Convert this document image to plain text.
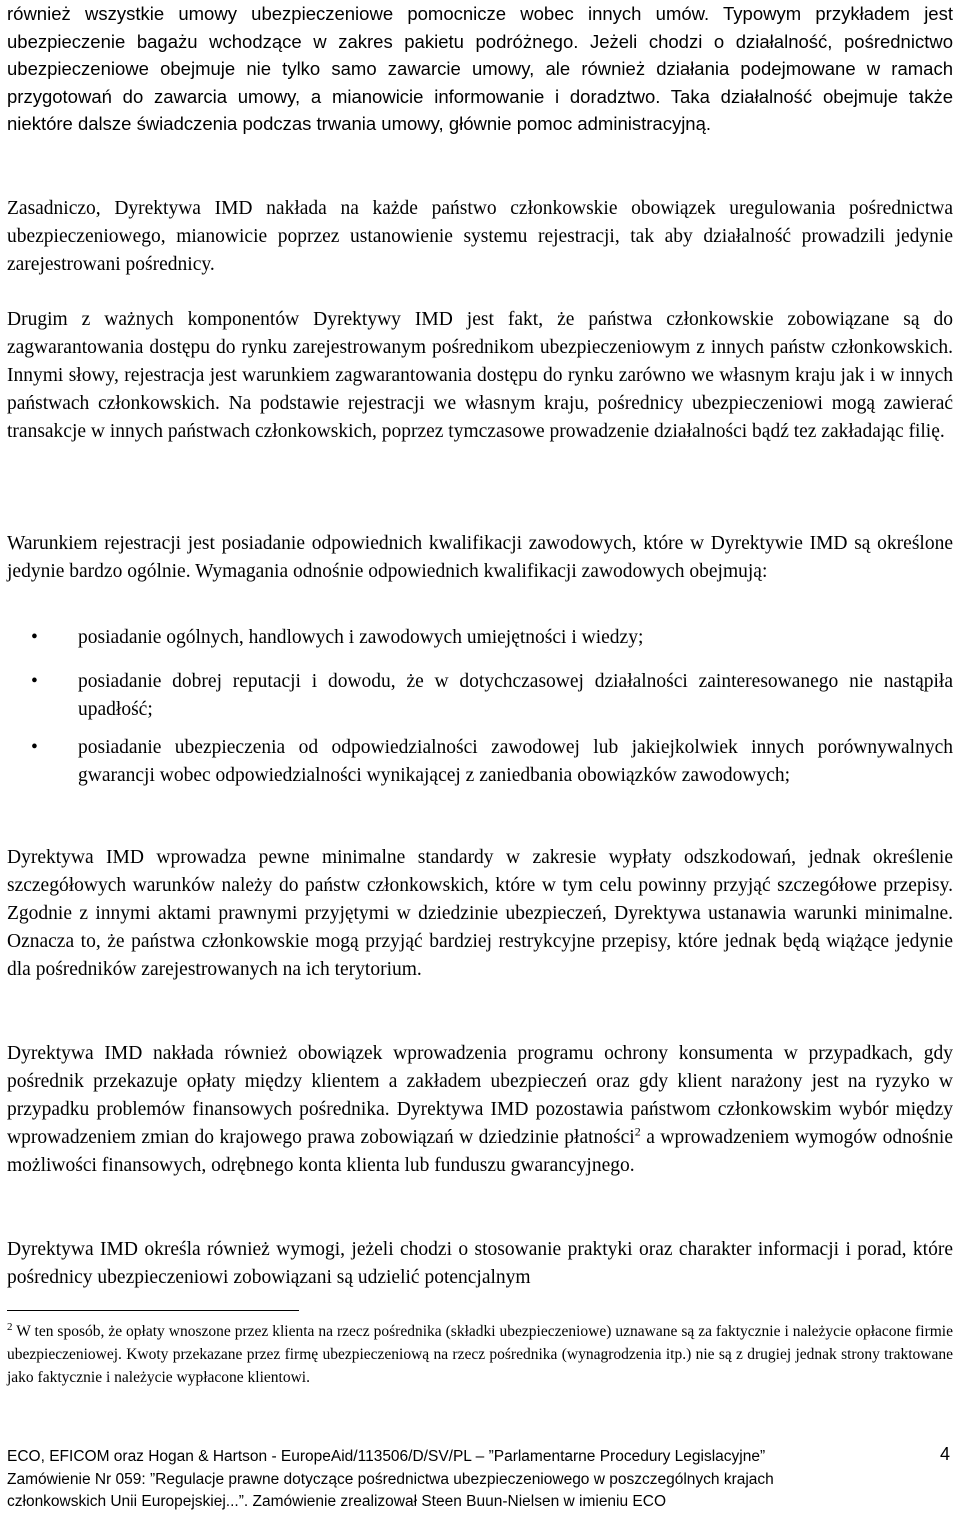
również wszystkie umowy ubezpieczeniowe pomocnicze wobec innych umów. Typowym przykładem jest ubezpieczenie bagażu wchodzące w zakres pakietu podróżnego. Jeżeli chodzi o działalność, pośrednictwo ubezpieczeniowe obejmuje nie tylko samo zawarcie umowy, ale również działania podejmowane w ramach przygotowań do zawarcia umowy, a mianowicie informowanie i doradztwo. Taka działalność obejmuje także niektóre dalsze świadczenia podczas trwania umowy, głównie pomoc administracyjną.

Zasadniczo, Dyrektywa IMD nakłada na każde państwo członkowskie obowiązek uregulowania pośrednictwa ubezpieczeniowego, mianowicie poprzez ustanowienie systemu rejestracji, tak aby działalność prowadzili jedynie zarejestrowani pośrednicy.

Drugim z ważnych komponentów Dyrektywy IMD jest fakt, że państwa członkowskie zobowiązane są do zagwarantowania dostępu do rynku zarejestrowanym pośrednikom ubezpieczeniowym z innych państw członkowskich. Innymi słowy, rejestracja jest warunkiem zagwarantowania dostępu do rynku zarówno we własnym kraju jak i w innych państwach członkowskich. Na podstawie rejestracji we własnym kraju, pośrednicy ubezpieczeniowi mogą zawierać transakcje w innych państwach członkowskich, poprzez tymczasowe prowadzenie działalności bądź tez zakładając filię.

Warunkiem rejestracji jest posiadanie odpowiednich kwalifikacji zawodowych, które w Dyrektywie IMD są określone jedynie bardzo ogólnie. Wymagania odnośnie odpowiednich kwalifikacji zawodowych obejmują:

• posiadanie ogólnych, handlowych i zawodowych umiejętności i wiedzy;
• posiadanie dobrej reputacji i dowodu, że w dotychczasowej działalności zainteresowanego nie nastąpiła upadłość;
• posiadanie ubezpieczenia od odpowiedzialności zawodowej lub jakiejkolwiek innych porównywalnych gwarancji wobec odpowiedzialności wynikającej z zaniedbania obowiązków zawodowych;

Dyrektywa IMD wprowadza pewne minimalne standardy w zakresie wypłaty odszkodowań, jednak określenie szczegółowych warunków należy do państw członkowskich, które w tym celu powinny przyjąć szczegółowe przepisy. Zgodnie z innymi aktami prawnymi przyjętymi w dziedzinie ubezpieczeń, Dyrektywa ustanawia warunki minimalne. Oznacza to, że państwa członkowskie mogą przyjąć bardziej restrykcyjne przepisy, które jednak będą wiążące jedynie dla pośredników zarejestrowanych na ich terytorium.

Dyrektywa IMD nakłada również obowiązek wprowadzenia programu ochrony konsumenta w przypadkach, gdy pośrednik przekazuje opłaty między klientem a zakładem ubezpieczeń oraz gdy klient narażony jest na ryzyko w przypadku problemów finansowych pośrednika. Dyrektywa IMD pozostawia państwom członkowskim wybór między wprowadzeniem zmian do krajowego prawa zobowiązań w dziedzinie płatności$^2$ a wprowadzeniem wymogów odnośnie możliwości finansowych, odrębnego konta klienta lub funduszu gwarancyjnego.

Dyrektywa IMD określa również wymogi, jeżeli chodzi o stosowanie praktyki oraz charakter informacji i porad, które pośrednicy ubezpieczeniowi zobowiązani są udzielić potencjalnym

$^2$ W ten sposób, że opłaty wnoszone przez klienta na rzecz pośrednika (składki ubezpieczeniowe) uznawane są za faktycznie i należycie opłacone firmie ubezpieczeniowej. Kwoty przekazane przez firmę ubezpieczeniową na rzecz pośrednika (wynagrodzenia itp.) nie są z drugiej jednak strony traktowane jako faktycznie i należycie wypłacone klientowi.
ECO, EFICOM oraz Hogan & Hartson - EuropeAid/113506/D/SV/PL – ”Parlamentarne Procedury Legislacyjne”
Zamówienie Nr 059: ”Regulacje prawne dotyczące pośrednictwa ubezpieczeniowego w poszczególnych krajach
członkowskich Unii Europejskiej...”. Zamówienie zrealizował Steen Buun-Nielsen w imieniu ECO
4
